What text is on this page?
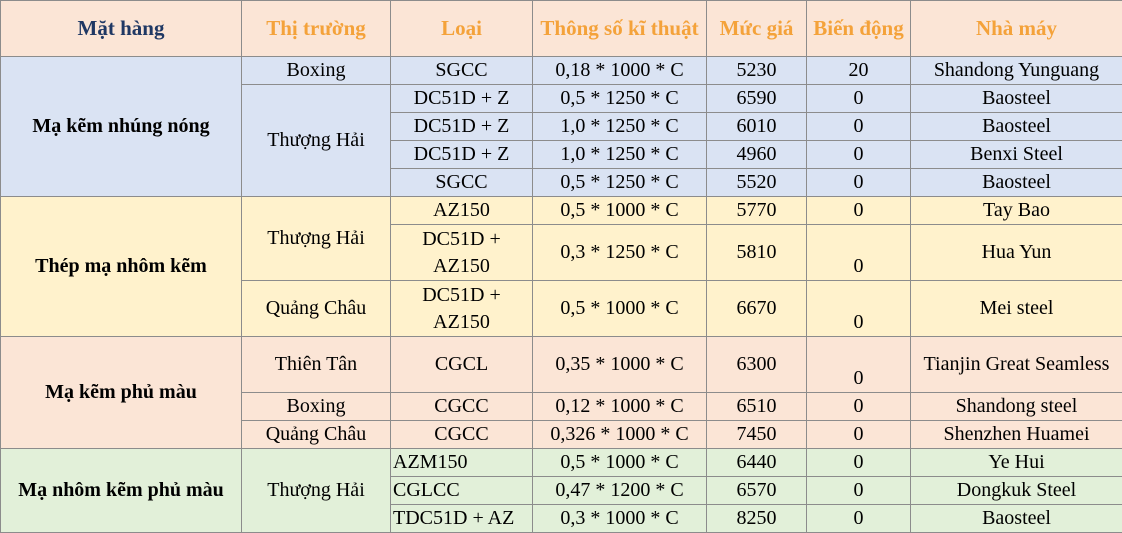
Mặt hàng	Thị trường	Loại	Thông số kĩ thuật	Mức giá	Biến động	Nhà máy
Mạ kẽm nhúng nóng	Boxing	SGCC	0,18 * 1000 * C	5230	20	Shandong Yunguang
	Thượng Hải	DC51D + Z	0,5 * 1250 * C	6590	0	Baosteel
		DC51D + Z	1,0 * 1250 * C	6010	0	Baosteel
		DC51D + Z	1,0 * 1250 * C	4960	0	Benxi Steel
		SGCC	0,5 * 1250 * C	5520	0	Baosteel
Thép mạ nhôm kẽm	Thượng Hải	AZ150	0,5 * 1000 * C	5770	0	Tay Bao
		DC51D + AZ150	0,3 * 1250 * C	5810	0	Hua Yun
	Quảng Châu	DC51D + AZ150	0,5 * 1000 * C	6670	0	Mei steel
Mạ kẽm phủ màu	Thiên Tân	CGCL	0,35 * 1000 * C	6300	0	Tianjin Great Seamless
	Boxing	CGCC	0,12 * 1000 * C	6510	0	Shandong steel
	Quảng Châu	CGCC	0,326 * 1000 * C	7450	0	Shenzhen Huamei
Mạ nhôm kẽm phủ màu	Thượng Hải	AZM150	0,5 * 1000 * C	6440	0	Ye Hui
		CGLCC	0,47 * 1200 * C	6570	0	Dongkuk Steel
		TDC51D + AZ	0,3 * 1000 * C	8250	0	Baosteel
